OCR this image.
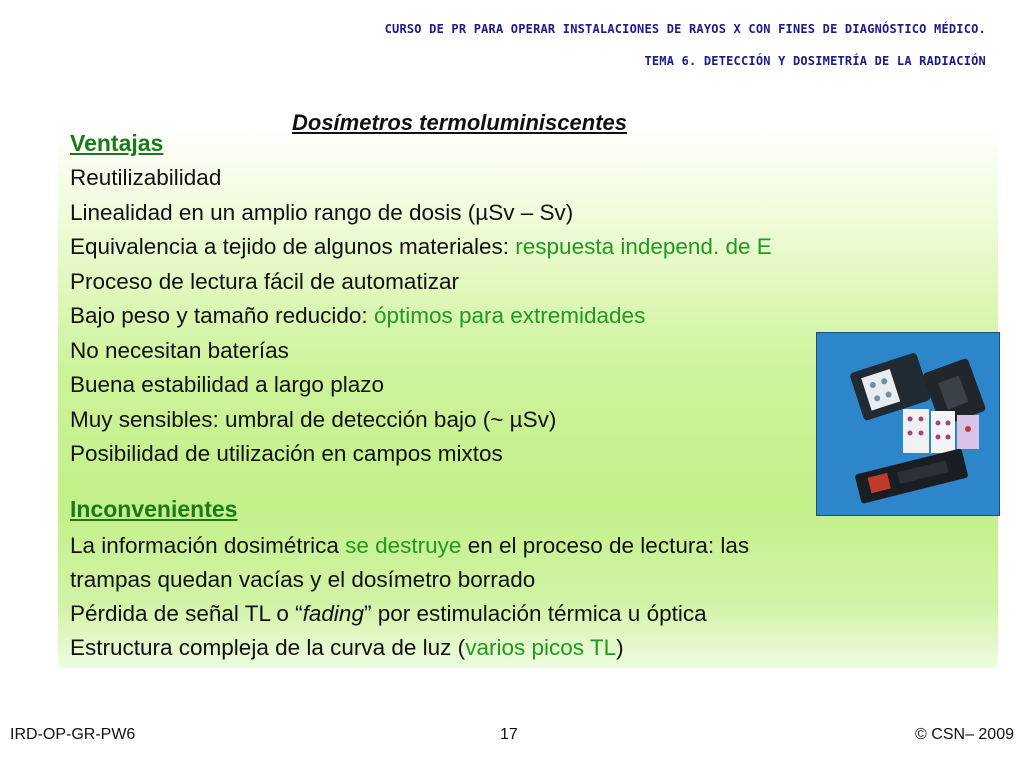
CURSO DE PR PARA OPERAR INSTALACIONES DE RAYOS X CON FINES DE DIAGNÓSTICO MÉDICO.
TEMA 6. DETECCIÓN Y DOSIMETRÍA DE LA RADIACIÓN
Dosímetros termoluminiscentes
Ventajas
Reutilizabilidad
Linealidad en un amplio rango de dosis (µSv – Sv)
Equivalencia a tejido de algunos materiales: respuesta independ. de E
Proceso de lectura fácil de automatizar
Bajo peso y tamaño reducido: óptimos para extremidades
No necesitan baterías
Buena estabilidad a largo plazo
Muy sensibles: umbral de detección bajo (~ µSv)
Posibilidad de utilización en campos mixtos
Inconvenientes
La información dosimétrica se destruye en el proceso de lectura: las
trampas quedan vacías y el dosímetro borrado
Pérdida de señal TL o “fading” por estimulación térmica u óptica
Estructura compleja de la curva de luz (varios picos TL)
IRD-OP-GR-PW6	17	© CSN– 2009
